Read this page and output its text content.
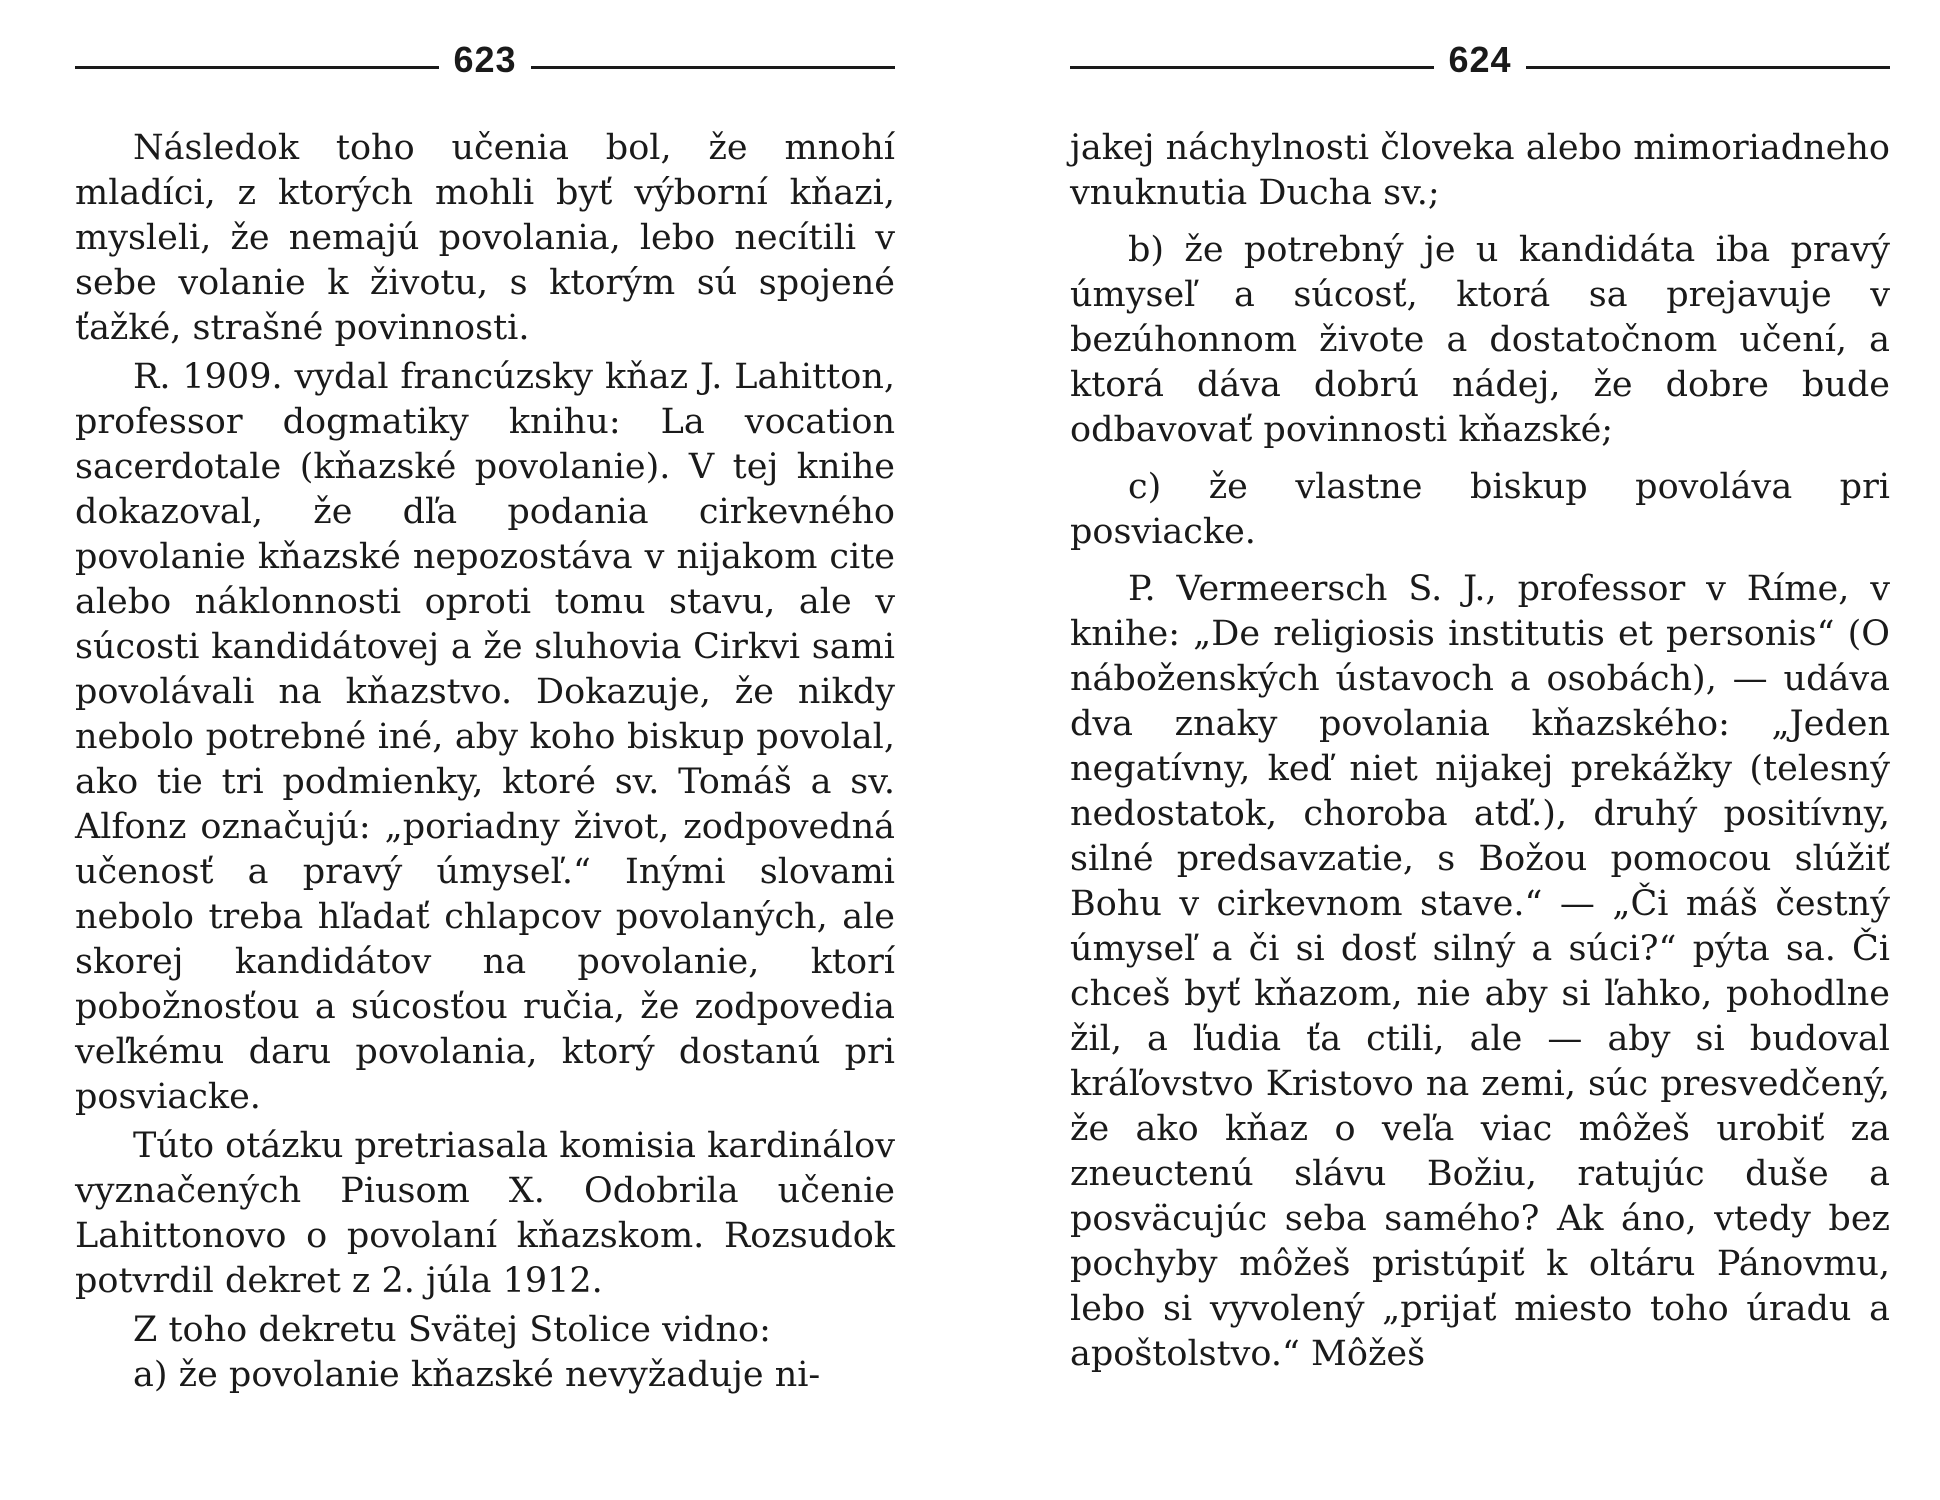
623

Následok toho učenia bol, že mnohí mladíci, z ktorých mohli byť výborní kňazi, mysleli, že nemajú povolania, lebo necítili v sebe volanie k životu, s ktorým sú spojené ťažké, strašné povinnosti.

R. 1909. vydal francúzsky kňaz J. Lahitton, professor dogmatiky knihu: La vocation sacerdotale (kňazské povolanie). V tej knihe dokazoval, že dľa podania cirkevného povolanie kňazské nepozostáva v nijakom cite alebo náklonnosti oproti tomu stavu, ale v súcosti kandidátovej a že sluhovia Cirkvi sami povolávali na kňazstvo. Dokazuje, že nikdy nebolo potrebné iné, aby koho biskup povolal, ako tie tri podmienky, ktoré sv. Tomáš a sv. Alfonz označujú: „poriadny život, zodpovedná učenosť a pravý úmyseľ.“ Inými slovami nebolo treba hľadať chlapcov povolaných, ale skorej kandidátov na povolanie, ktorí pobožnosťou a súcosťou ručia, že zodpovedia veľkému daru povolania, ktorý dostanú pri posviacke.

Túto otázku pretriasala komisia kardinálov vyznačených Piusom X. Odobrila učenie Lahittonovo o povolaní kňazskom. Rozsudok potvrdil dekret z 2. júla 1912.

Z toho dekretu Svätej Stolice vidno:

a) že povolanie kňazské nevyžaduje ni-

624

jakej náchylnosti človeka alebo mimoriadneho vnuknutia Ducha sv.;

b) že potrebný je u kandidáta iba pravý úmyseľ a súcosť, ktorá sa prejavuje v bezúhonnom živote a dostatočnom učení, a ktorá dáva dobrú nádej, že dobre bude odbavovať povinnosti kňazské;

c) že vlastne biskup povoláva pri posviacke.

P. Vermeersch S. J., professor v Ríme, v knihe: „De religiosis institutis et personis“ (O náboženských ústavoch a osobách), — udáva dva znaky povolania kňazského: „Jeden negatívny, keď niet nijakej prekážky (telesný nedostatok, choroba atď.), druhý positívny, silné predsavzatie, s Božou pomocou slúžiť Bohu v cirkevnom stave.“ — „Či máš čestný úmyseľ a či si dosť silný a súci?“ pýta sa. Či chceš byť kňazom, nie aby si ľahko, pohodlne žil, a ľudia ťa ctili, ale — aby si budoval kráľovstvo Kristovo na zemi, súc presvedčený, že ako kňaz o veľa viac môžeš urobiť za zneuctenú slávu Božiu, ratujúc duše a posväcujúc seba samého? Ak áno, vtedy bez pochyby môžeš pristúpiť k oltáru Pánovmu, lebo si vyvolený „prijať miesto toho úradu a apoštolstvo.“ Môžeš
